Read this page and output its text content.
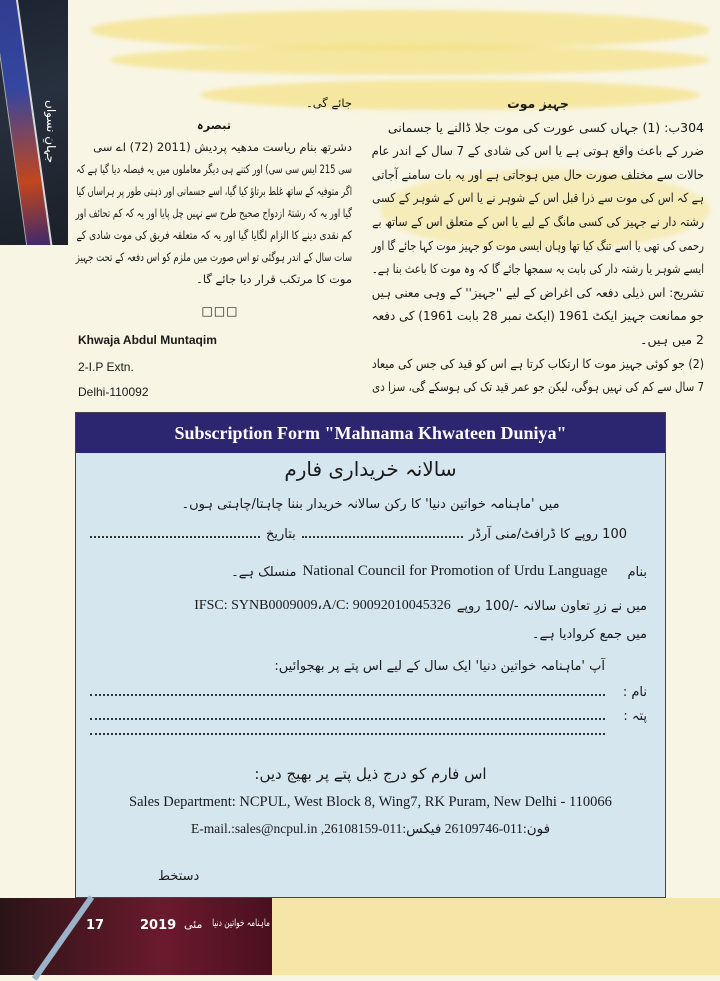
جہانِ نسواں	جہیز موت
304ب: (1) جہاں کسی عورت کی موت جلا ڈالنے یا جسمانی
ضرر کے باعث واقع ہوتی ہے یا اس کی شادی کے 7 سال کے اندر عام
حالات سے مختلف صورت حال میں ہوجاتی ہے اور یہ بات سامنے آجاتی
ہے کہ اس کی موت سے ذرا قبل اس کے شوہر نے یا اس کے شوہر کے کسی
رشتہ دار نے جہیز کی کسی مانگ کے لیے یا اس کے متعلق اس کے ساتھ بے
رحمی کی تھی یا اسے تنگ کیا تھا وہاں ایسی موت کو جہیز موت کہا جائے گا اور
ایسے شوہر یا رشتہ دار کی بابت یہ سمجھا جائے گا کہ وہ موت کا باعث بنا ہے۔
تشریح: اس ذیلی دفعہ کی اغراض کے لیے ''جہیز'' کے وہی معنی ہیں
جو ممانعت جہیز ایکٹ 1961 (ایکٹ نمبر 28 بابت 1961) کی دفعہ
2 میں ہیں۔
(2) جو کوئی جہیز موت کا ارتکاب کرتا ہے اس کو قید کی جس کی میعاد
7 سال سے کم کی نہیں ہوگی، لیکن جو عمر قید تک کی ہوسکے گی، سزا دی
جائے گی۔
تبصرہ
دشرتھ بنام ریاست مدھیہ پردیش (2011 (72) اے سی
سی 215 ایس سی سی) اور کتنے ہی دیگر معاملوں میں یہ فیصلہ دیا گیا ہے کہ
اگر متوفیہ کے ساتھ غلط برتاؤ کیا گیا، اسے جسمانی اور ذہنی طور پر ہراساں کیا
گیا اور یہ کہ رشتۂ ازدواج صحیح طرح سے نہیں چل پایا اور یہ کہ کم تحائف اور
کم نقدی دینے کا الزام لگایا گیا اور یہ کہ متعلقہ فریق کی موت شادی کے
سات سال کے اندر ہوگئی تو اس صورت میں ملزم کو اس دفعہ کے تحت جہیز
موت کا مرتکب قرار دیا جائے گا۔
□□□
Khwaja Abdul Muntaqim
2-I.P Extn.
Delhi-110092
Subscription Form "Mahnama Khwateen Duniya"
سالانہ خریداری فارم
میں 'ماہنامہ خواتین دنیا' کا رکن سالانہ خریدار بننا چاہتا/چاہتی ہوں۔
100 روپے کا ڈرافٹ/منی آرڈر
بتاریخ
بنام
National Council for Promotion of Urdu Language
منسلک ہے۔
میں نے زرِ تعاون سالانہ -/100 روپے
IFSC: SYNB0009009،A/C: 90092010045326
میں جمع کروادیا ہے۔
آپ 'ماہنامہ خواتین دنیا' ایک سال کے لیے اس پتے پر بھجوائیں:
نام :
پتہ :
اس فارم کو درج ذیل پتے پر بھیج دیں:
Sales Department: NCPUL, West Block 8, Wing7, RK Puram, New Delhi - 110066
فون:011-26109746 فیکس:011-26108159, E-mail.:sales@ncpul.in
دستخط
17	2019 مئی ماہنامہ خواتین دنیا
